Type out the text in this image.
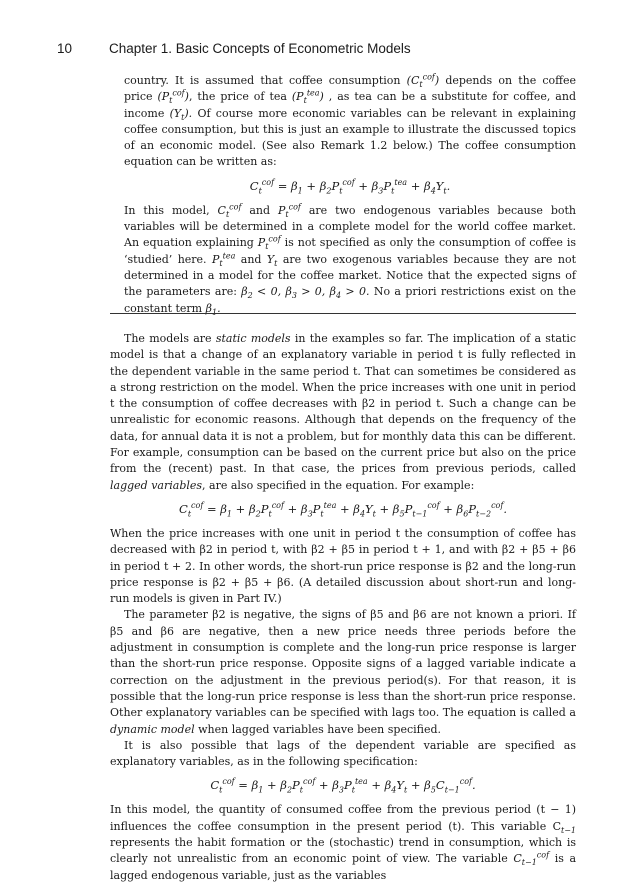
10	Chapter 1. Basic Concepts of Econometric Models

country. It is assumed that coffee consumption $(C_t^{cof})$ depends on the coffee price $(P_t^{cof})$, the price of tea $(P_t^{tea})$ , as tea can be a substitute for coffee, and income $(Y_t)$. Of course more economic variables can be relevant in explaining coffee consumption, but this is just an example to illustrate the discussed topics of an economic model. (See also Remark 1.2 below.) The coffee consumption equation can be written as:

$C_t^{cof} = \beta_1 + \beta_2P_t^{cof} + \beta_3P_t^{tea} + \beta_4Y_t$.

In this model, $C_t^{cof}$ and $P_t^{cof}$ are two endogenous variables because both variables will be determined in a complete model for the world coffee market. An equation explaining $P_t^{cof}$ is not specified as only the consumption of coffee is ‘studied’ here. $P_t^{tea}$ and $Y_t$ are two exogenous variables because they are not determined in a model for the coffee market. Notice that the expected signs of the parameters are: $\beta_2 < 0$, $\beta_3 > 0$, $\beta_4 > 0$. No a priori restrictions exist on the constant term $\beta_1$.

The models are static models in the examples so far. The implication of a static model is that a change of an explanatory variable in period t is fully reflected in the dependent variable in the same period t. That can sometimes be considered as a strong restriction on the model. When the price increases with one unit in period t the consumption of coffee decreases with β2 in period t. Such a change can be unrealistic for economic reasons. Although that depends on the frequency of the data, for annual data it is not a problem, but for monthly data this can be different. For example, consumption can be based on the current price but also on the price from the (recent) past. In that case, the prices from previous periods, called lagged variables, are also specified in the equation. For example:

$C_t^{cof} = \beta_1 + \beta_2P_t^{cof} + \beta_3P_t^{tea} + \beta_4Y_t + \beta_5P_{t-1}^{cof} + \beta_6P_{t-2}^{cof}$.

When the price increases with one unit in period t the consumption of coffee has decreased with β2 in period t, with β2 + β5 in period t + 1, and with β2 + β5 + β6 in period t + 2. In other words, the short-run price response is β2 and the long-run price response is β2 + β5 + β6. (A detailed discussion about short-run and long-run models is given in Part IV.)

The parameter β2 is negative, the signs of β5 and β6 are not known a priori. If β5 and β6 are negative, then a new price needs three periods before the adjustment in consumption is complete and the long-run price response is larger than the short-run price response. Opposite signs of a lagged variable indicate a correction on the adjustment in the previous period(s). For that reason, it is possible that the long-run price response is less than the short-run price response. Other explanatory variables can be specified with lags too. The equation is called a dynamic model when lagged variables have been specified.

It is also possible that lags of the dependent variable are specified as explanatory variables, as in the following specification:

$C_t^{cof} = \beta_1 + \beta_2P_t^{cof} + \beta_3P_t^{tea} + \beta_4Y_t + \beta_5C_{t-1}^{cof}$.

In this model, the quantity of consumed coffee from the previous period (t − 1) influences the coffee consumption in the present period (t). This variable $C_{t-1}$ represents the habit formation or the (stochastic) trend in consumption, which is clearly not unrealistic from an economic point of view. The variable $C_{t-1}^{cof}$ is a lagged endogenous variable, just as the variables
